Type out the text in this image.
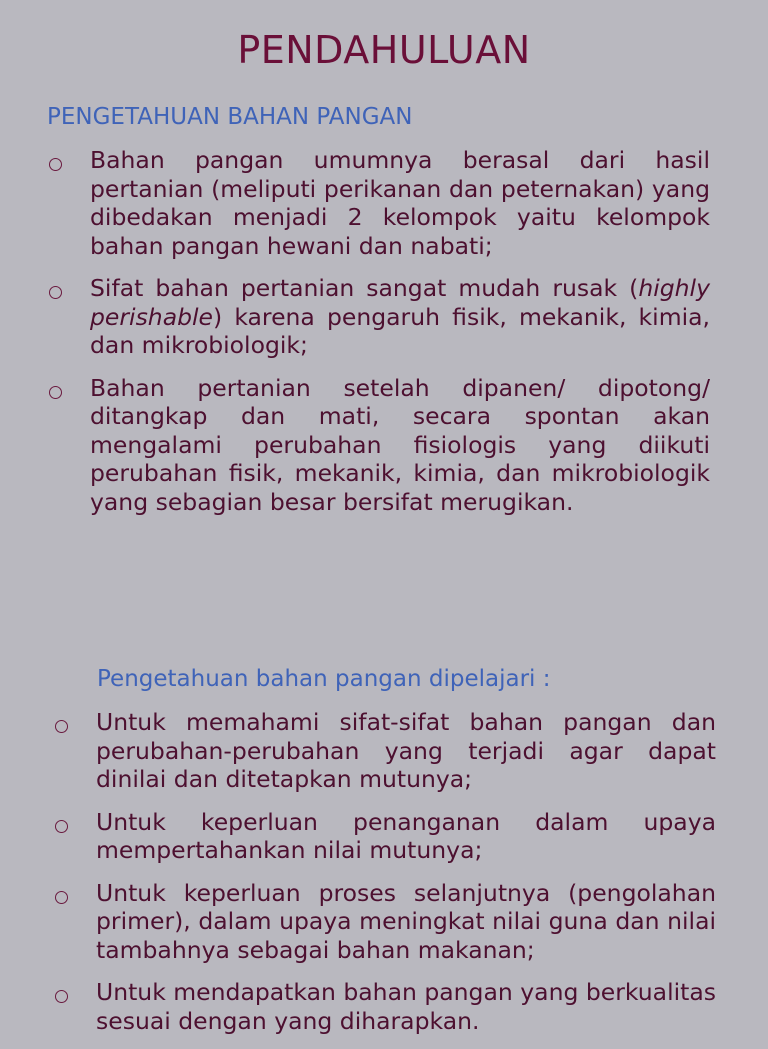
PENDAHULUAN
PENGETAHUAN BAHAN PANGAN
Bahan pangan umumnya berasal dari hasil pertanian (meliputi perikanan dan peternakan) yang dibedakan menjadi 2 kelompok yaitu kelompok bahan pangan hewani dan nabati;
Sifat bahan pertanian sangat mudah rusak (highly perishable) karena pengaruh fisik, mekanik, kimia, dan mikrobiologik;
Bahan pertanian setelah dipanen/ dipotong/ ditangkap dan mati, secara spontan akan mengalami perubahan fisiologis yang diikuti perubahan fisik, mekanik, kimia, dan mikrobiologik yang sebagian besar bersifat merugikan.
Pengetahuan bahan pangan dipelajari :
Untuk memahami sifat-sifat bahan pangan dan perubahan-perubahan yang terjadi agar dapat dinilai dan ditetapkan mutunya;
Untuk keperluan penanganan dalam upaya mempertahankan nilai mutunya;
Untuk keperluan proses selanjutnya (pengolahan primer), dalam upaya meningkat nilai guna dan nilai tambahnya sebagai bahan makanan;
Untuk mendapatkan bahan pangan yang berkualitas sesuai dengan yang diharapkan.
